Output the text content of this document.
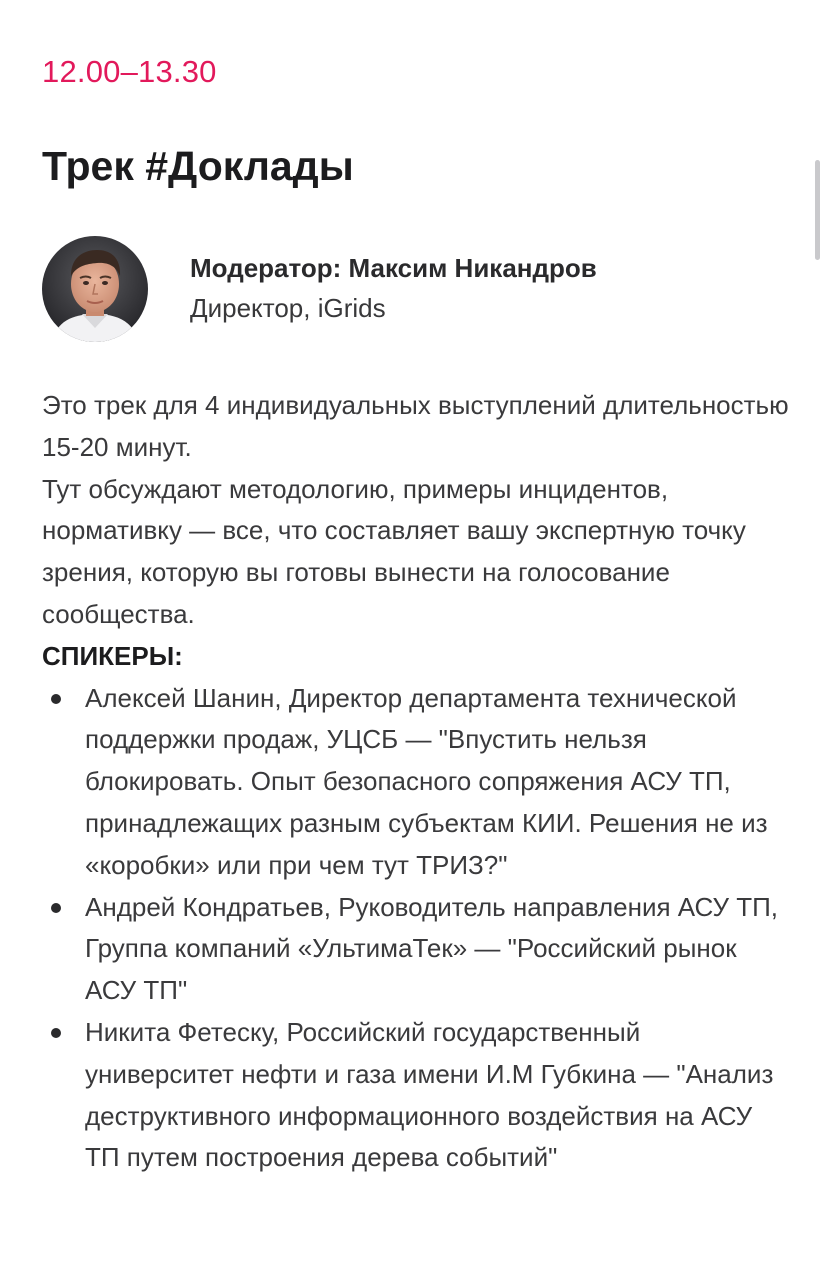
12.00–13.30
Трек #Доклады
Модератор: Максим Никандров
Директор, iGrids

Это трек для 4 индивидуальных выступлений длительностью 15-20 минут.

Тут обсуждают методологию, примеры инцидентов, нормативку — все, что составляет вашу экспертную точку зрения, которую вы готовы вынести на голосование сообщества.

СПИКЕРЫ:

Алексей Шанин, Директор департамента технической поддержки продаж, УЦСБ — "Впустить нельзя блокировать. Опыт безопасного сопряжения АСУ ТП, принадлежащих разным субъектам КИИ. Решения не из «коробки» или при чем тут ТРИЗ?"
Андрей Кондратьев, Руководитель направления АСУ ТП, Группа компаний «УльтимаТек» — "Российский рынок АСУ ТП"
Никита Фетеску, Российский государственный университет нефти и газа имени И.М Губкина — "Анализ деструктивного информационного воздействия на АСУ ТП путем построения дерева событий"
